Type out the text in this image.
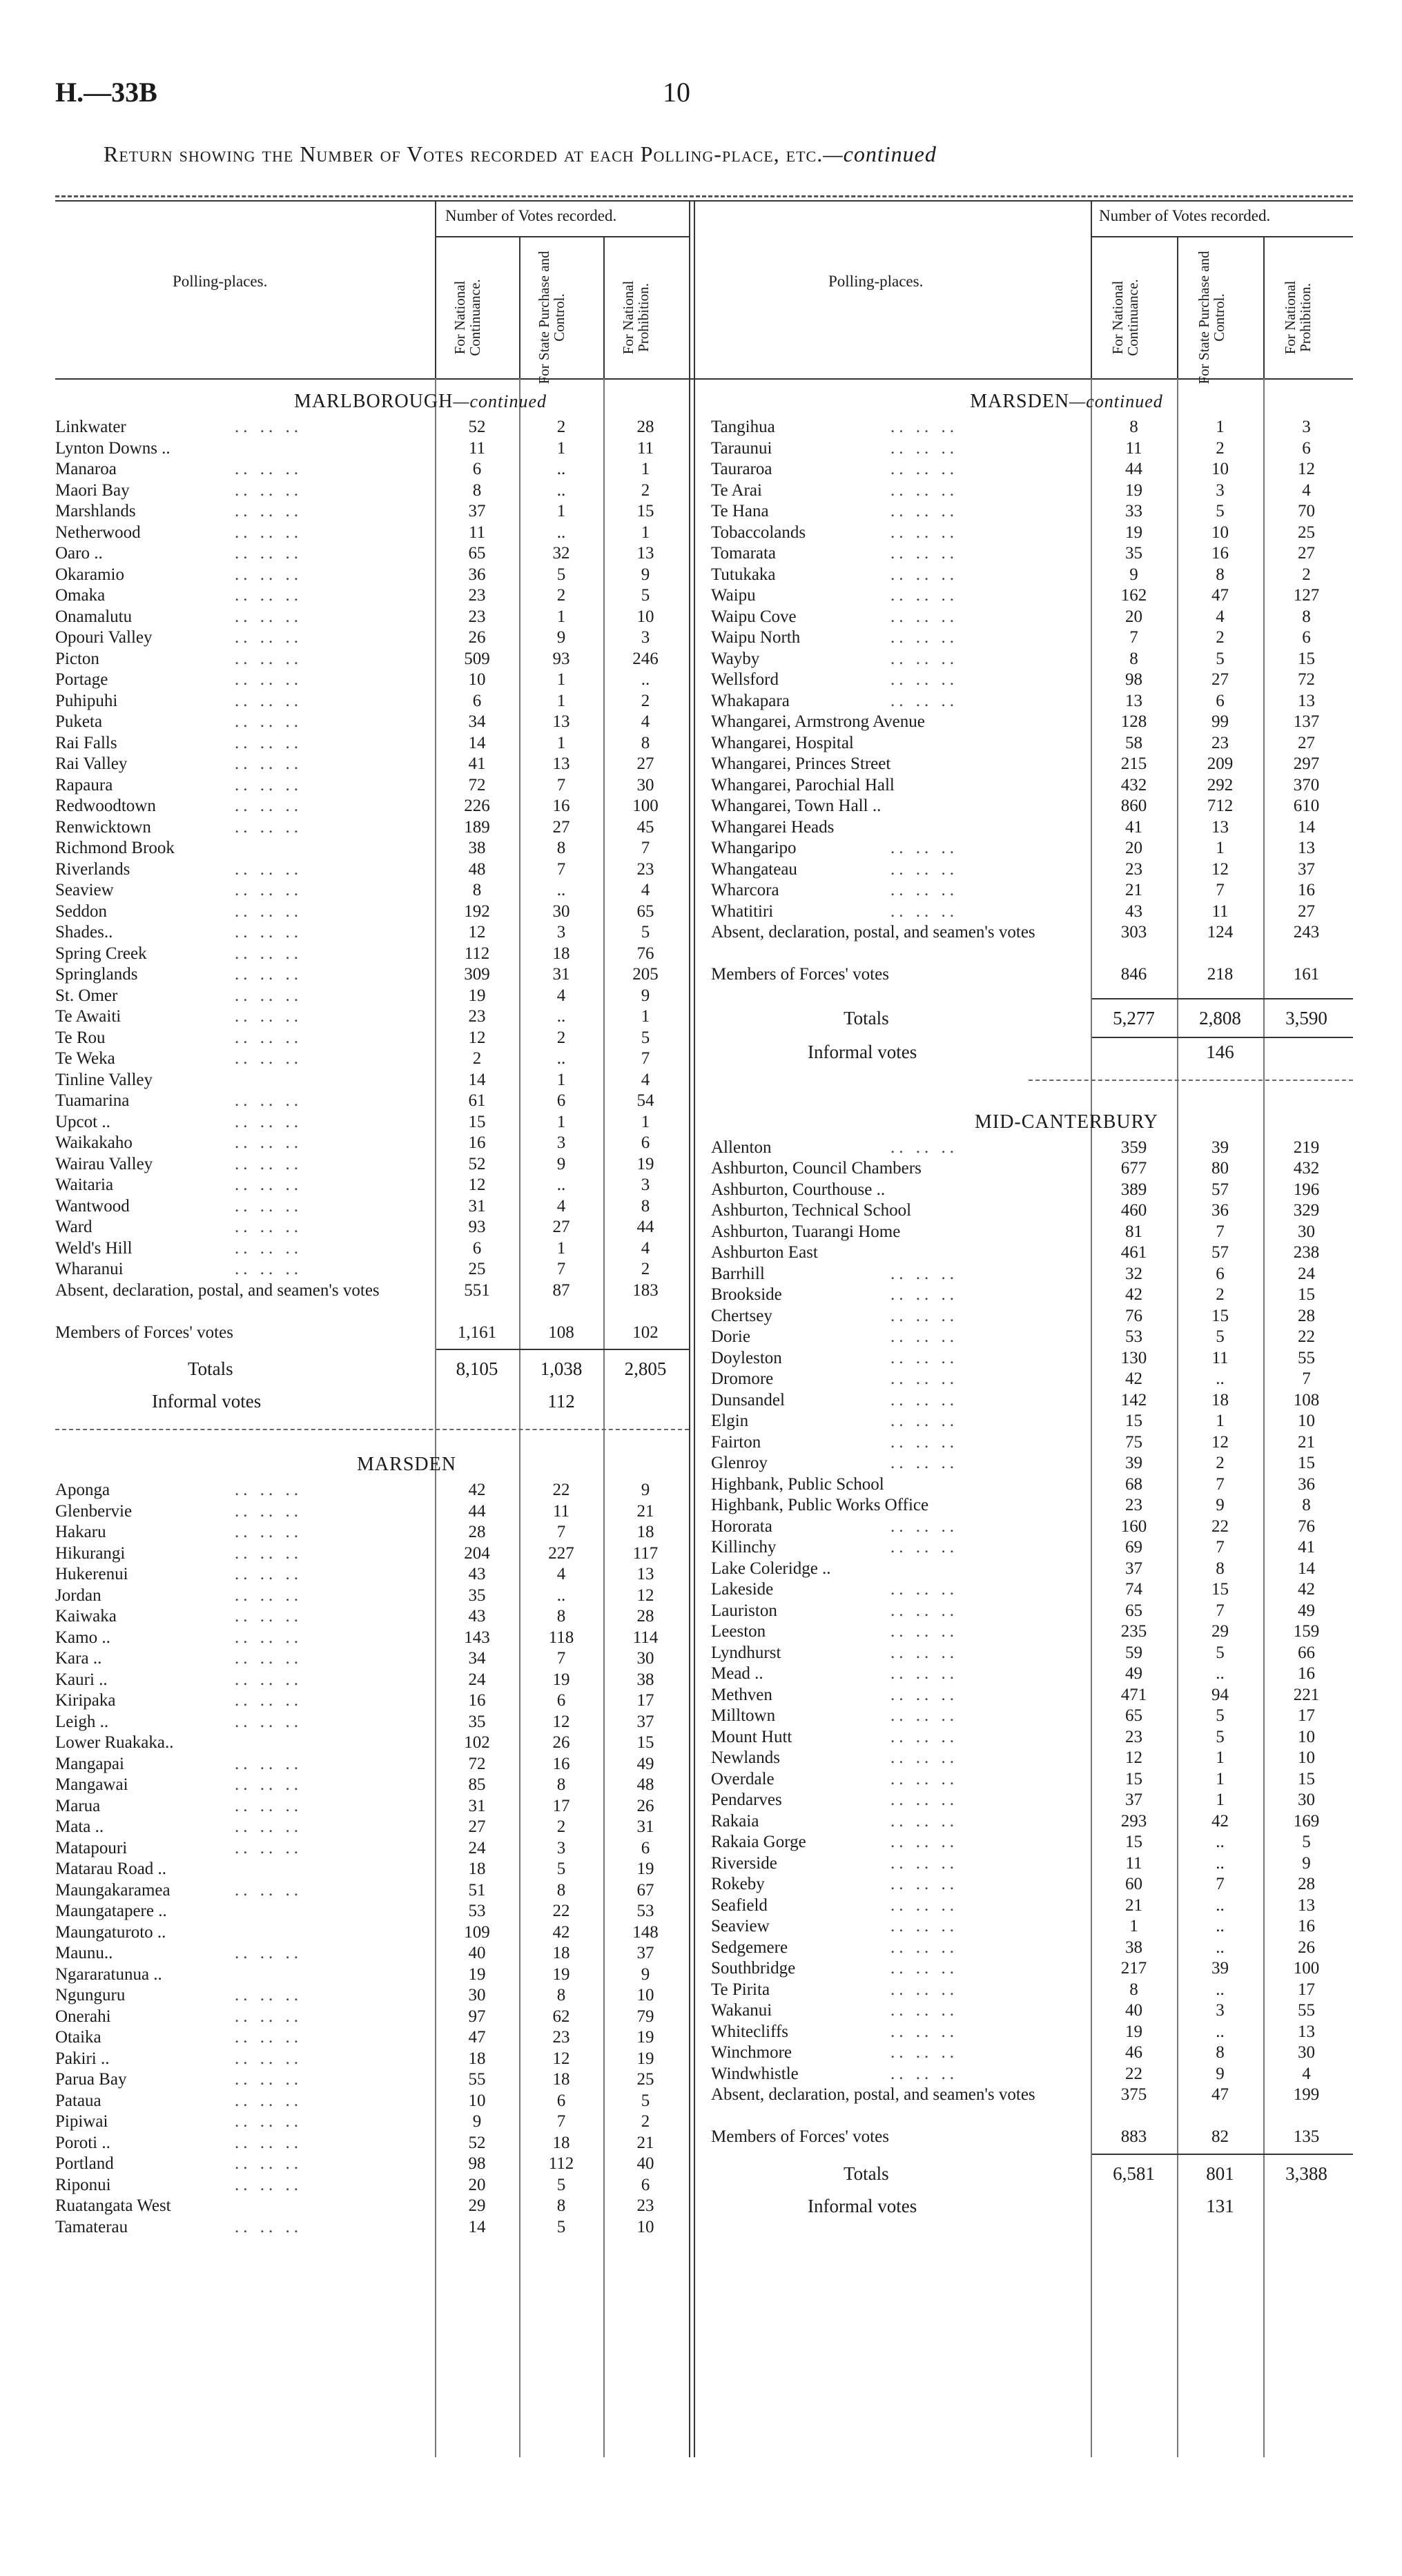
H.—33B	10
Return showing the Number of Votes recorded at each Polling-place, etc.—continued
Polling-places.
Number of Votes recorded.
For National Continuance.	For State Purchase and Control.	For National Prohibition.
Polling-places.
Number of Votes recorded.
For National Continuance.	For State Purchase and Control.	For National Prohibition.
MARLBOROUGH—continued
Linkwater	.. .. ..	52	2	28
Lynton Downs ..	11	1	11
Manaroa	.. .. ..	6	..	1
Maori Bay	.. .. ..	8	..	2
Marshlands	.. .. ..	37	1	15
Netherwood	.. .. ..	11	..	1
Oaro ..	.. .. ..	65	32	13
Okaramio	.. .. ..	36	5	9
Omaka	.. .. ..	23	2	5
Onamalutu	.. .. ..	23	1	10
Opouri Valley	.. .. ..	26	9	3
Picton	.. .. ..	509	93	246
Portage	.. .. ..	10	1	..
Puhipuhi	.. .. ..	6	1	2
Puketa	.. .. ..	34	13	4
Rai Falls	.. .. ..	14	1	8
Rai Valley	.. .. ..	41	13	27
Rapaura	.. .. ..	72	7	30
Redwoodtown	.. .. ..	226	16	100
Renwicktown	.. .. ..	189	27	45
Richmond Brook	38	8	7
Riverlands	.. .. ..	48	7	23
Seaview	.. .. ..	8	..	4
Seddon	.. .. ..	192	30	65
Shades..	.. .. ..	12	3	5
Spring Creek	.. .. ..	112	18	76
Springlands	.. .. ..	309	31	205
St. Omer	.. .. ..	19	4	9
Te Awaiti	.. .. ..	23	..	1
Te Rou	.. .. ..	12	2	5
Te Weka	.. .. ..	2	..	7
Tinline Valley	14	1	4
Tuamarina	.. .. ..	61	6	54
Upcot ..	.. .. ..	15	1	1
Waikakaho	.. .. ..	16	3	6
Wairau Valley	.. .. ..	52	9	19
Waitaria	.. .. ..	12	..	3
Wantwood	.. .. ..	31	4	8
Ward	.. .. ..	93	27	44
Weld's Hill	.. .. ..	6	1	4
Wharanui	.. .. ..	25	7	2
Absent, declaration, postal, and seamen's votes	551	87	183
Members of Forces' votes	1,161	108	102
Totals	8,105	1,038	2,805
Informal votes	112
MARSDEN
Aponga	.. .. ..	42	22	9
Glenbervie	.. .. ..	44	11	21
Hakaru	.. .. ..	28	7	18
Hikurangi	.. .. ..	204	227	117
Hukerenui	.. .. ..	43	4	13
Jordan	.. .. ..	35	..	12
Kaiwaka	.. .. ..	43	8	28
Kamo ..	.. .. ..	143	118	114
Kara ..	.. .. ..	34	7	30
Kauri ..	.. .. ..	24	19	38
Kiripaka	.. .. ..	16	6	17
Leigh ..	.. .. ..	35	12	37
Lower Ruakaka..	102	26	15
Mangapai	.. .. ..	72	16	49
Mangawai	.. .. ..	85	8	48
Marua	.. .. ..	31	17	26
Mata ..	.. .. ..	27	2	31
Matapouri	.. .. ..	24	3	6
Matarau Road ..	18	5	19
Maungakaramea	.. .. ..	51	8	67
Maungatapere ..	53	22	53
Maungaturoto ..	109	42	148
Maunu..	.. .. ..	40	18	37
Ngararatunua ..	19	19	9
Ngunguru	.. .. ..	30	8	10
Onerahi	.. .. ..	97	62	79
Otaika	.. .. ..	47	23	19
Pakiri ..	.. .. ..	18	12	19
Parua Bay	.. .. ..	55	18	25
Pataua	.. .. ..	10	6	5
Pipiwai	.. .. ..	9	7	2
Poroti ..	.. .. ..	52	18	21
Portland	.. .. ..	98	112	40
Riponui	.. .. ..	20	5	6
Ruatangata West	29	8	23
Tamaterau	.. .. ..	14	5	10
MARSDEN—continued
Tangihua	.. .. ..	8	1	3
Taraunui	.. .. ..	11	2	6
Tauraroa	.. .. ..	44	10	12
Te Arai	.. .. ..	19	3	4
Te Hana	.. .. ..	33	5	70
Tobaccolands	.. .. ..	19	10	25
Tomarata	.. .. ..	35	16	27
Tutukaka	.. .. ..	9	8	2
Waipu	.. .. ..	162	47	127
Waipu Cove	.. .. ..	20	4	8
Waipu North	.. .. ..	7	2	6
Wayby	.. .. ..	8	5	15
Wellsford	.. .. ..	98	27	72
Whakapara	.. .. ..	13	6	13
Whangarei, Armstrong Avenue	128	99	137
Whangarei, Hospital	58	23	27
Whangarei, Princes Street	215	209	297
Whangarei, Parochial Hall	432	292	370
Whangarei, Town Hall ..	860	712	610
Whangarei Heads	41	13	14
Whangaripo	.. .. ..	20	1	13
Whangateau	.. .. ..	23	12	37
Wharcora	.. .. ..	21	7	16
Whatitiri	.. .. ..	43	11	27
Absent, declaration, postal, and seamen's votes	303	124	243
Members of Forces' votes	846	218	161
Totals	5,277	2,808	3,590
Informal votes	146
MID-CANTERBURY
Allenton	.. .. ..	359	39	219
Ashburton, Council Chambers	677	80	432
Ashburton, Courthouse ..	389	57	196
Ashburton, Technical School	460	36	329
Ashburton, Tuarangi Home	81	7	30
Ashburton East	461	57	238
Barrhill	.. .. ..	32	6	24
Brookside	.. .. ..	42	2	15
Chertsey	.. .. ..	76	15	28
Dorie	.. .. ..	53	5	22
Doyleston	.. .. ..	130	11	55
Dromore	.. .. ..	42	..	7
Dunsandel	.. .. ..	142	18	108
Elgin	.. .. ..	15	1	10
Fairton	.. .. ..	75	12	21
Glenroy	.. .. ..	39	2	15
Highbank, Public School	68	7	36
Highbank, Public Works Office	23	9	8
Hororata	.. .. ..	160	22	76
Killinchy	.. .. ..	69	7	41
Lake Coleridge ..	37	8	14
Lakeside	.. .. ..	74	15	42
Lauriston	.. .. ..	65	7	49
Leeston	.. .. ..	235	29	159
Lyndhurst	.. .. ..	59	5	66
Mead ..	.. .. ..	49	..	16
Methven	.. .. ..	471	94	221
Milltown	.. .. ..	65	5	17
Mount Hutt	.. .. ..	23	5	10
Newlands	.. .. ..	12	1	10
Overdale	.. .. ..	15	1	15
Pendarves	.. .. ..	37	1	30
Rakaia	.. .. ..	293	42	169
Rakaia Gorge	.. .. ..	15	..	5
Riverside	.. .. ..	11	..	9
Rokeby	.. .. ..	60	7	28
Seafield	.. .. ..	21	..	13
Seaview	.. .. ..	1	..	16
Sedgemere	.. .. ..	38	..	26
Southbridge	.. .. ..	217	39	100
Te Pirita	.. .. ..	8	..	17
Wakanui	.. .. ..	40	3	55
Whitecliffs	.. .. ..	19	..	13
Winchmore	.. .. ..	46	8	30
Windwhistle	.. .. ..	22	9	4
Absent, declaration, postal, and seamen's votes	375	47	199
Members of Forces' votes	883	82	135
Totals	6,581	801	3,388
Informal votes	131
